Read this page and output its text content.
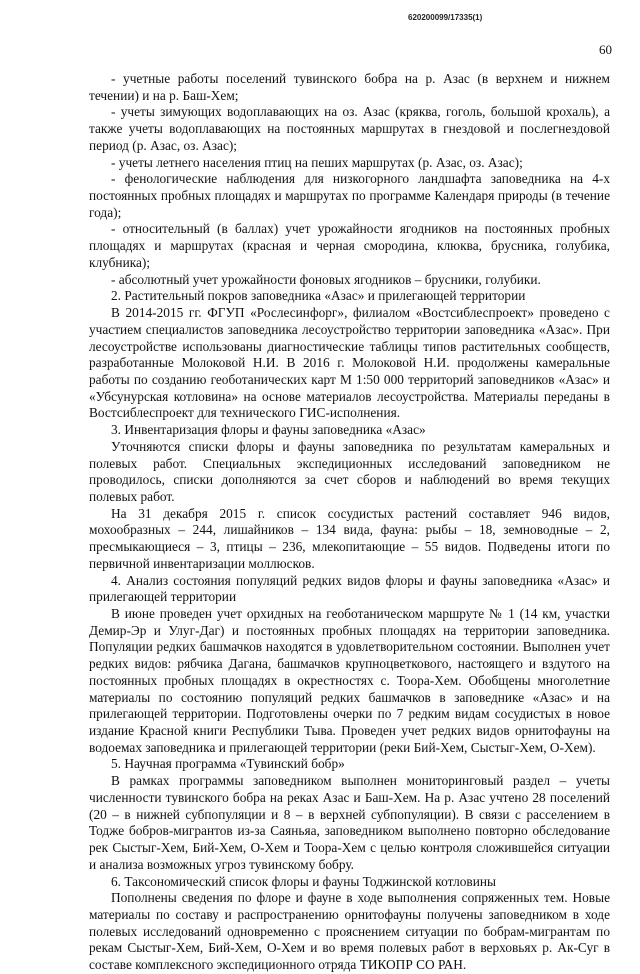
620200099/17335(1)
60

- учетные работы поселений тувинского бобра на р. Азас (в верхнем и нижнем течении) и на р. Баш-Хем;

- учеты зимующих водоплавающих на оз. Азас (кряква, гоголь, большой крохаль), а также учеты водоплавающих на постоянных маршрутах в гнездовой и послегнездовой период (р. Азас, оз. Азас);

- учеты летнего населения птиц на пеших маршрутах (р. Азас, оз. Азас);

- фенологические наблюдения для низкогорного ландшафта заповедника на 4-х постоянных пробных площадях и маршрутах по программе Календаря природы (в течение года);

- относительный (в баллах) учет урожайности ягодников на постоянных пробных площадях и маршрутах (красная и черная смородина, клюква, брусника, голубика, клубника);

- абсолютный учет урожайности фоновых ягодников – брусники, голубики.

2. Растительный покров заповедника «Азас» и прилегающей территории

В 2014-2015 гг. ФГУП «Рослесинфорг», филиалом «Востсиблеспроект» проведено с участием специалистов заповедника лесоустройство территории заповедника «Азас». При лесоустройстве использованы диагностические таблицы типов растительных сообществ, разработанные Молоковой Н.И. В 2016 г. Молоковой Н.И. продолжены камеральные работы по созданию геоботанических карт М 1:50 000 территорий заповедников «Азас» и «Убсунурская котловина» на основе материалов лесоустройства. Материалы переданы в Востсиблеспроект для технического ГИС-исполнения.

3. Инвентаризация флоры и фауны заповедника «Азас»

Уточняются списки флоры и фауны заповедника по результатам камеральных и полевых работ. Специальных экспедиционных исследований заповедником не проводилось, списки дополняются за счет сборов и наблюдений во время текущих полевых работ.

На 31 декабря 2015 г. список сосудистых растений составляет 946 видов, мохообразных – 244, лишайников – 134 вида, фауна: рыбы – 18, земноводные – 2, пресмыкающиеся – 3, птицы – 236, млекопитающие – 55 видов. Подведены итоги по первичной инвентаризации моллюсков.

4. Анализ состояния популяций редких видов флоры и фауны заповедника «Азас» и прилегающей территории

В июне проведен учет орхидных на геоботаническом маршруте № 1 (14 км, участки Демир-Эр и Улуг-Даг) и постоянных пробных площадях на территории заповедника. Популяции редких башмачков находятся в удовлетворительном состоянии. Выполнен учет редких видов: рябчика Дагана, башмачков крупноцветкового, настоящего и вздутого на постоянных пробных площадях в окрестностях с. Тоора-Хем. Обобщены многолетние материалы по состоянию популяций редких башмачков в заповеднике «Азас» и на прилегающей территории. Подготовлены очерки по 7 редким видам сосудистых в новое издание Красной книги Республики Тыва. Проведен учет редких видов орнитофауны на водоемах заповедника и прилегающей территории (реки Бий-Хем, Сыстыг-Хем, О-Хем).

5. Научная программа «Тувинский бобр»

В рамках программы заповедником выполнен мониторинговый раздел – учеты численности тувинского бобра на реках Азас и Баш-Хем. На р. Азас учтено 28 поселений (20 – в нижней субпопуляции и 8 – в верхней субпопуляции). В связи с расселением в Тодже бобров-мигрантов из-за Саяньяа, заповедником выполнено повторно обследование рек Сыстыг-Хем, Бий-Хем, О-Хем и Тоора-Хем с целью контроля сложившейся ситуации и анализа возможных угроз тувинскому бобру.

6. Таксономический список флоры и фауны Тоджинской котловины

Пополнены сведения по флоре и фауне в ходе выполнения сопряженных тем. Новые материалы по составу и распространению орнитофауны получены заповедником в ходе полевых исследований одновременно с прояснением ситуации по бобрам-мигрантам по рекам Сыстыг-Хем, Бий-Хем, О-Хем и во время полевых работ в верховьях р. Ак-Суг в составе комплексного экспедиционного отряда ТИКОПР СО РАН.
